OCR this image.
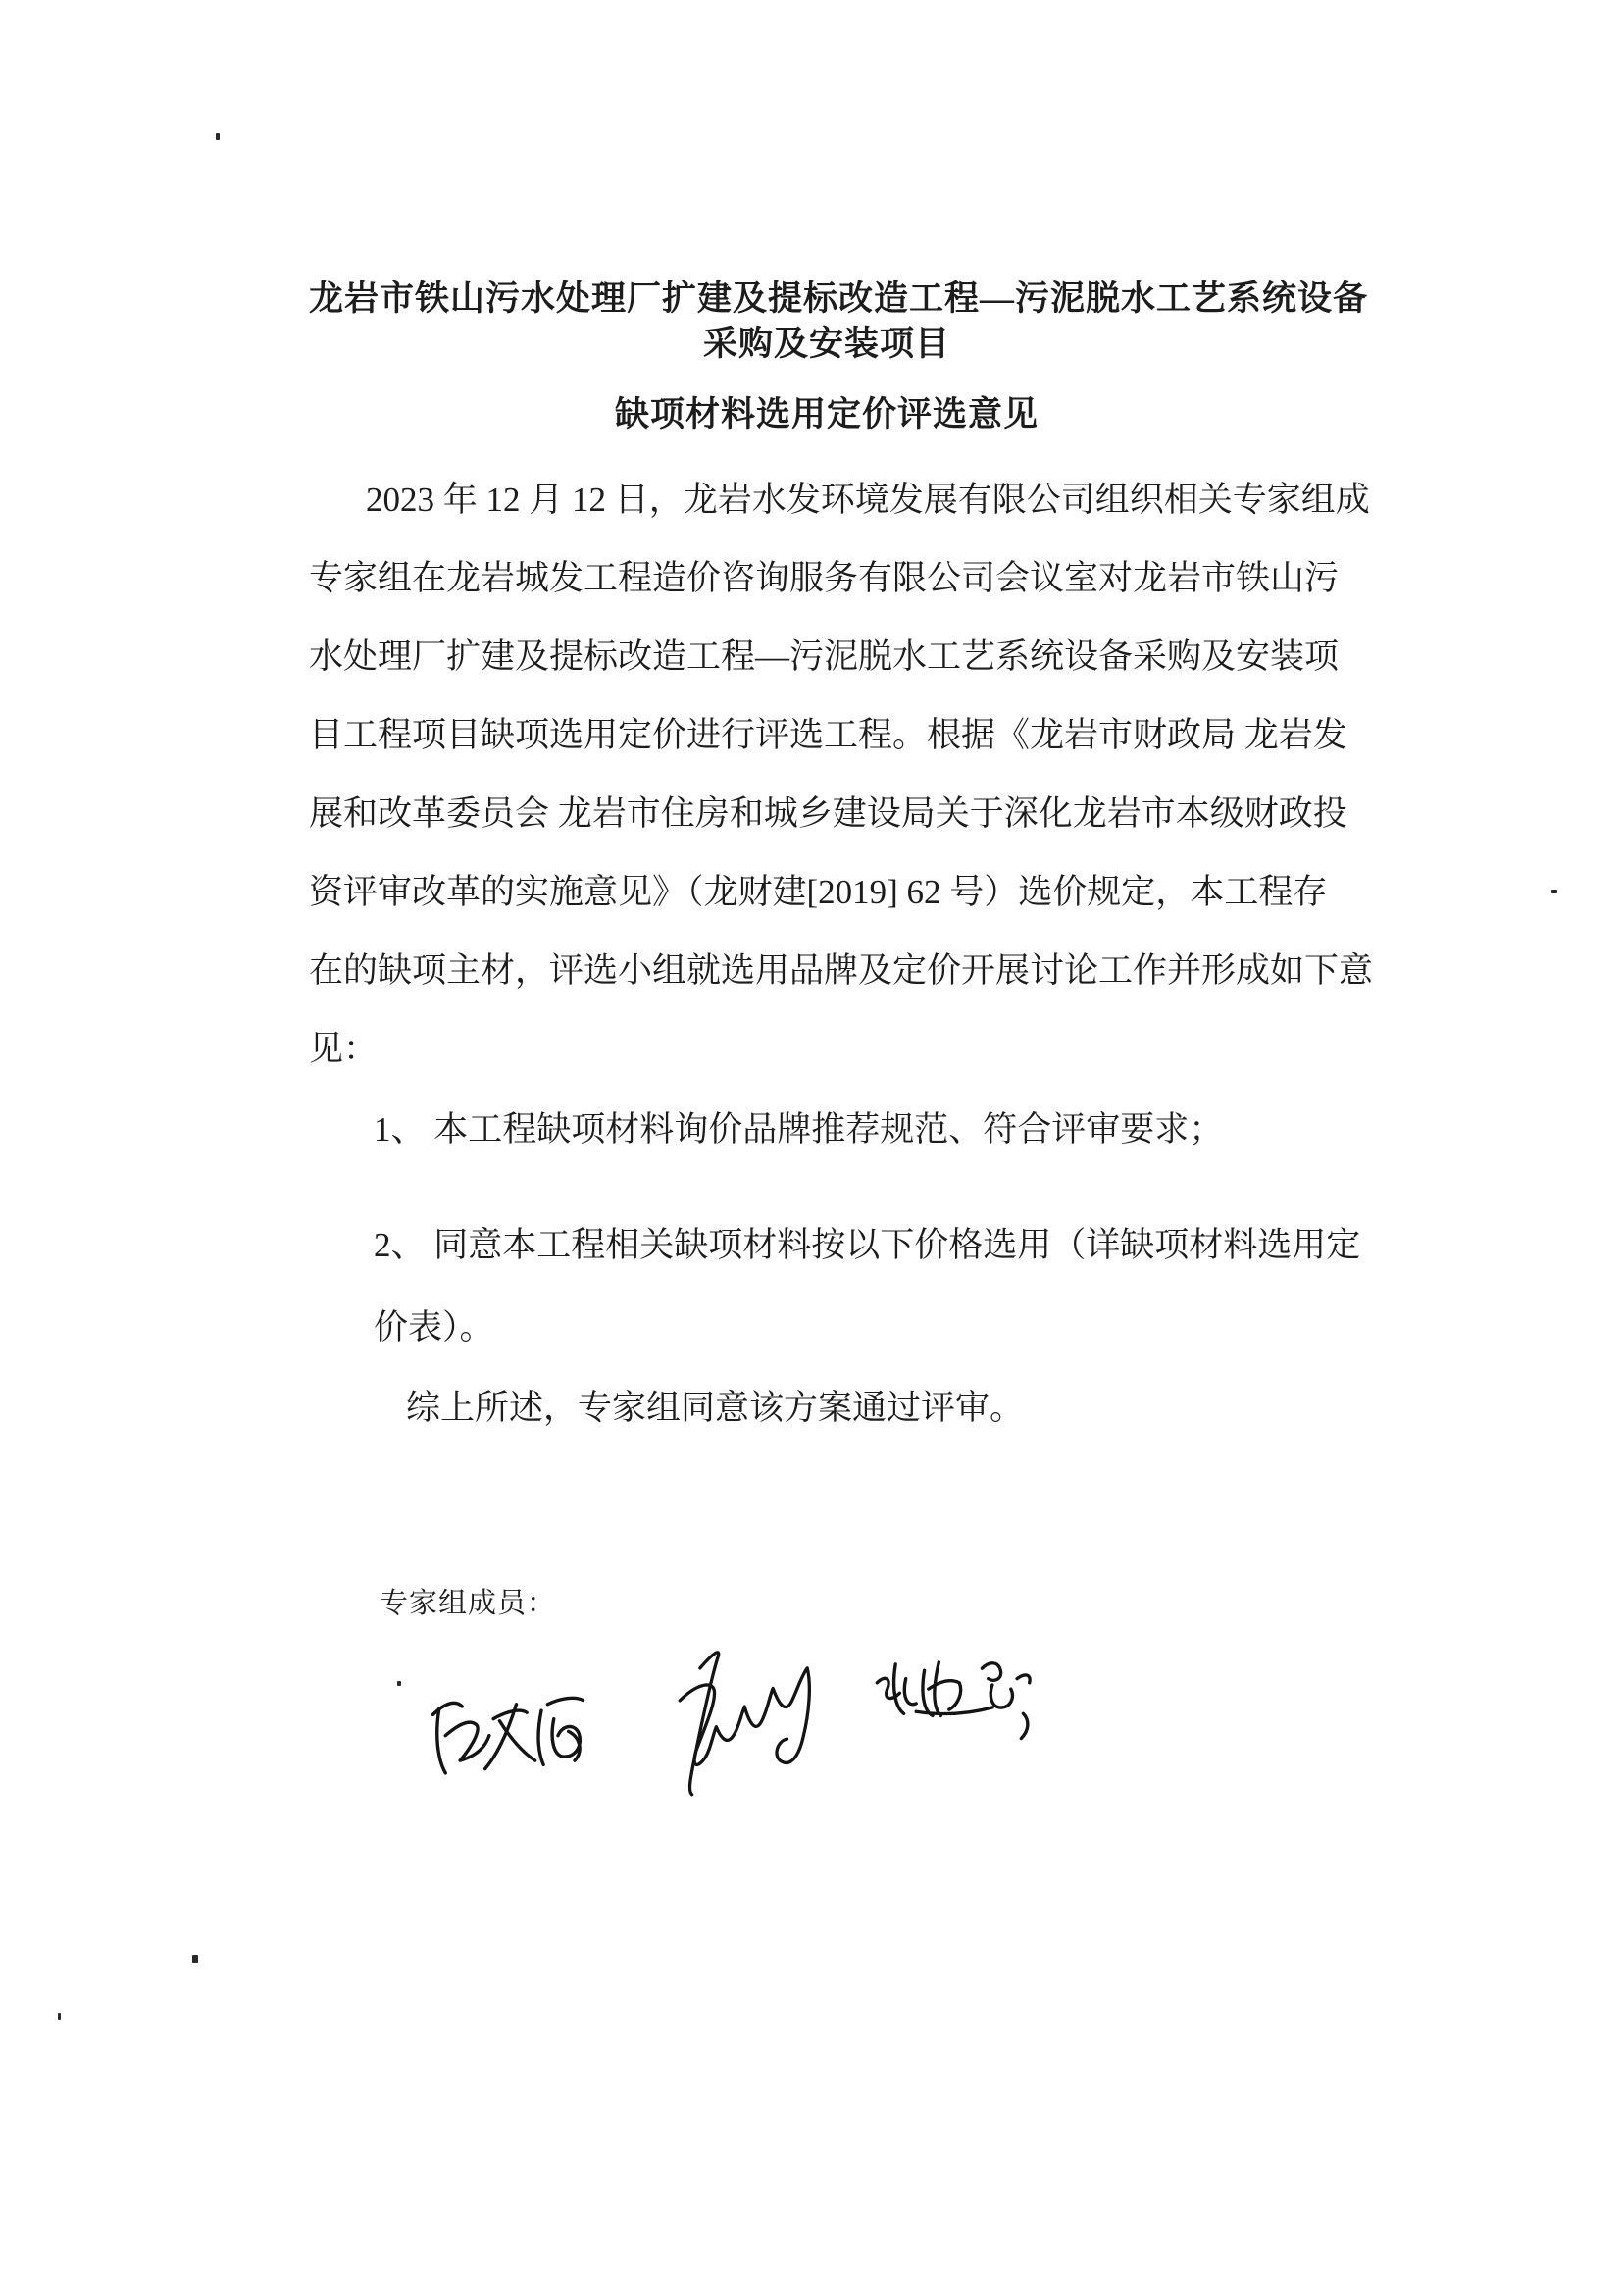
龙岩市铁山污水处理厂扩建及提标改造工程—污泥脱水工艺系统设备
采购及安装项目
缺项材料选用定价评选意见
2023 年 12 月 12 日，龙岩水发环境发展有限公司组织相关专家组成
专家组在龙岩城发工程造价咨询服务有限公司会议室对龙岩市铁山污
水处理厂扩建及提标改造工程—污泥脱水工艺系统设备采购及安装项
目工程项目缺项选用定价进行评选工程。根据《龙岩市财政局 龙岩发
展和改革委员会 龙岩市住房和城乡建设局关于深化龙岩市本级财政投
资评审改革的实施意见》（龙财建[2019] 62 号）选价规定，本工程存
在的缺项主材，评选小组就选用品牌及定价开展讨论工作并形成如下意
见：
1、 本工程缺项材料询价品牌推荐规范、符合评审要求；
2、 同意本工程相关缺项材料按以下价格选用（详缺项材料选用定
价表）。
综上所述，专家组同意该方案通过评审。
专家组成员：
